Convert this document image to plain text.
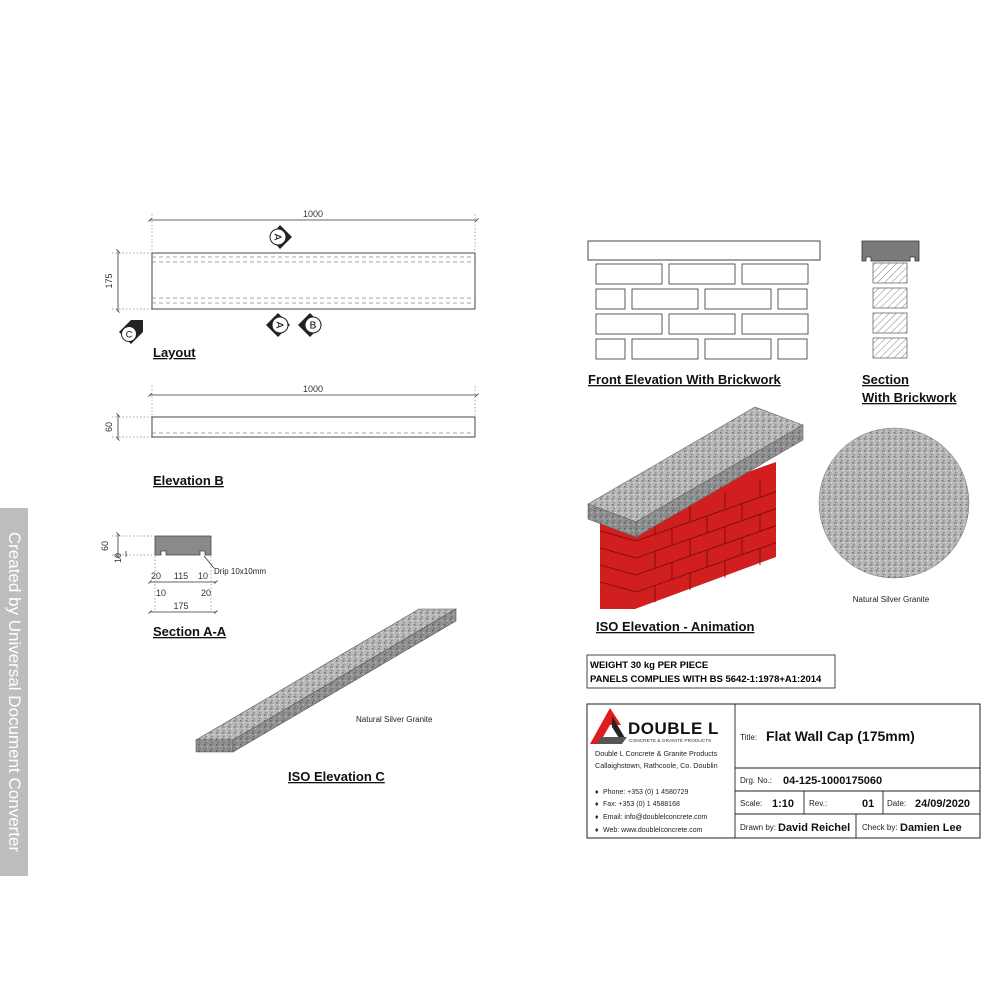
1000
175
A
A	B
C
Layout
1000
60
Elevation B
60
10
20 115 10
10	20
175
Drip 10x10mm
Section A-A
Natural Silver Granite
ISO Elevation C
Front Elevation With Brickwork	Section
With Brickwork
ISO Elevation - Animation
Natural Silver Granite
WEIGHT 30 kg PER PIECE
PANELS COMPLIES WITH BS 5642-1:1978+A1:2014
DOUBLE L
CONCRETE & GRANITE PRODUCTS
Double L Concrete & Granite Products
Callaighstown, Rathcoole, Co. Doublin
♦ Phone: +353 (0) 1 4580729
♦ Fax: +353 (0) 1 4588168
♦ Email: info@doublelconcrete.com
♦ Web: www.doublelconcrete.com
Title: Flat Wall Cap (175mm)
Drg. No.: 04-125-1000175060
Scale: 1:10 Rev.:	01 Date: 24/09/2020
Drawn by: David Reichel Check by: Damien Lee
Created by Universal Document Converter
